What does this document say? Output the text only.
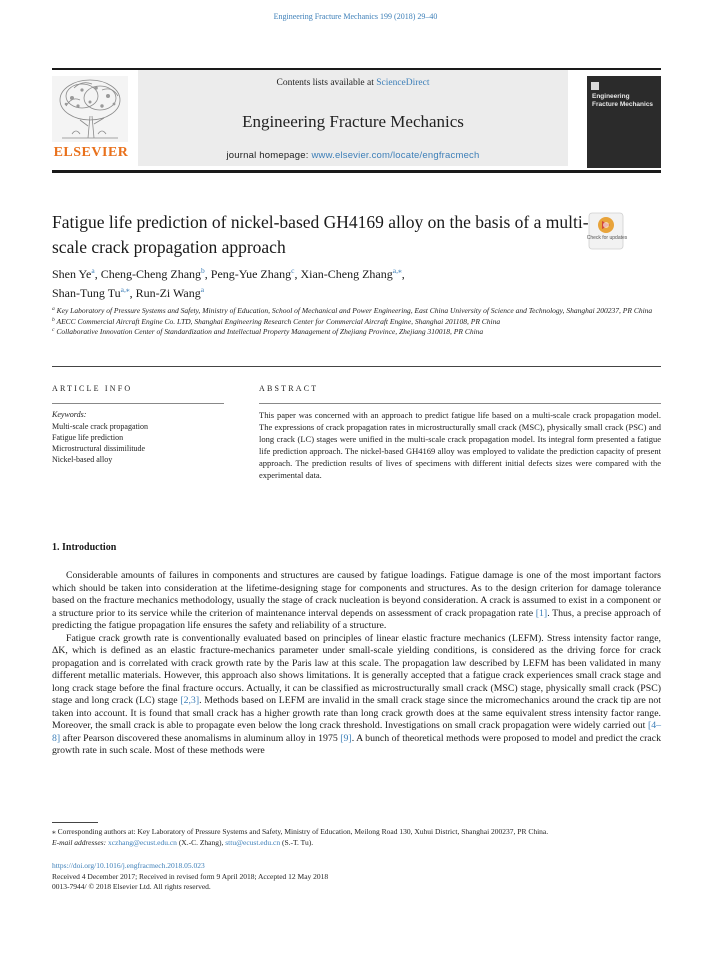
Engineering Fracture Mechanics 199 (2018) 29–40
ELSEVIER
Contents lists available at ScienceDirect
Engineering Fracture Mechanics
journal homepage: www.elsevier.com/locate/engfracmech
Engineering Fracture Mechanics
Fatigue life prediction of nickel-based GH4169 alloy on the basis of a multi-scale crack propagation approach	Check for updates
Shen Ye$^a$, Cheng-Cheng Zhang$^b$, Peng-Yue Zhang$^c$, Xian-Cheng Zhang$^{a,⁎}$,
Shan-Tung $Tu^{a,⁎}$, Run-Zi Wang$^a$
$^a$ Key Laboratory of Pressure Systems and Safety, Ministry of Education, School of Mechanical and Power Engineering, East China University of Science and Technology, Shanghai 200237, PR China
$^b$ AECC Commercial Aircraft Engine Co. LTD, Shanghai Engineering Research Center for Commercial Aircraft Engine, Shanghai 201108, PR China
$^c$ Collaborative Innovation Center of Standardization and Intellectual Property Management of Zhejiang Province, Zhejiang 310018, PR China
ARTICLE INFO	ABSTRACT
Keywords:
Multi-scale crack propagation
Fatigue life prediction
Microstructural dissimilitude
Nickel-based alloy
This paper was concerned with an approach to predict fatigue life based on a multi-scale crack propagation model. The expressions of crack propagation rates in microstructurally small crack (MSC), physically small crack (PSC) and long crack (LC) stages were unified in the multi-scale crack propagation model. Its integral form presented a fatigue life prediction approach. The nickel-based GH4169 alloy was employed to validate the prediction capacity of present approach. The prediction results of lives of specimens with different initial defects sizes were compared with the experimental data.
1. Introduction

Considerable amounts of failures in components and structures are caused by fatigue loadings. Fatigue damage is one of the most important factors which should be taken into consideration at the lifetime-designing stage for components and structures. As to the design criterion for damage tolerance based on the fracture mechanics methodology, usually the stage of crack nucleation is beyond consideration. A crack is assumed to exist in a component or a structure prior to its service while the criterion of maintenance interval depends on assessment of crack propagation rate [1]. Thus, a precise approach of predicting the fatigue propagation life ensures the safety and reliability of a structure.

Fatigue crack growth rate is conventionally evaluated based on principles of linear elastic fracture mechanics (LEFM). Stress intensity factor range, ΔK, which is defined as an elastic fracture-mechanics parameter under small-scale yielding conditions, is considered as the driving force for crack propagation and is correlated with crack growth rate by the Paris law at this scale. The propagation law described by LEFM has been validated in many different metallic materials. However, this approach also shows limitations. It is generally accepted that a fatigue crack experiences small crack stage and long crack stage before the final fracture occurs. Actually, it can be classified as microstructurally small crack (MSC) stage, physically small crack (PSC) stage and long crack (LC) stage [2,3]. Methods based on LEFM are invalid in the small crack stage since the micromechanics around the crack tip are not taken into account. It is found that small crack has a higher growth rate than long crack growth does at the same equivalent stress intensity factor range. Moreover, the small crack is able to propagate even below the long crack threshold. Investigations on small crack propagation were widely carried out [4–8] after Pearson discovered these anomalisms in aluminum alloy in 1975 [9]. A bunch of theoretical methods were proposed to model and predict the crack growth rate in such scale. Most of these methods were

⁎ Corresponding authors at: Key Laboratory of Pressure Systems and Safety, Ministry of Education, Meilong Road 130, Xuhui District, Shanghai 200237, PR China.
E-mail addresses: xczhang@ecust.edu.cn (X.-C. Zhang), sttu@ecust.edu.cn (S.-T. Tu).
https://doi.org/10.1016/j.engfracmech.2018.05.023
Received 4 December 2017; Received in revised form 9 April 2018; Accepted 12 May 2018
0013-7944/ © 2018 Elsevier Ltd. All rights reserved.
